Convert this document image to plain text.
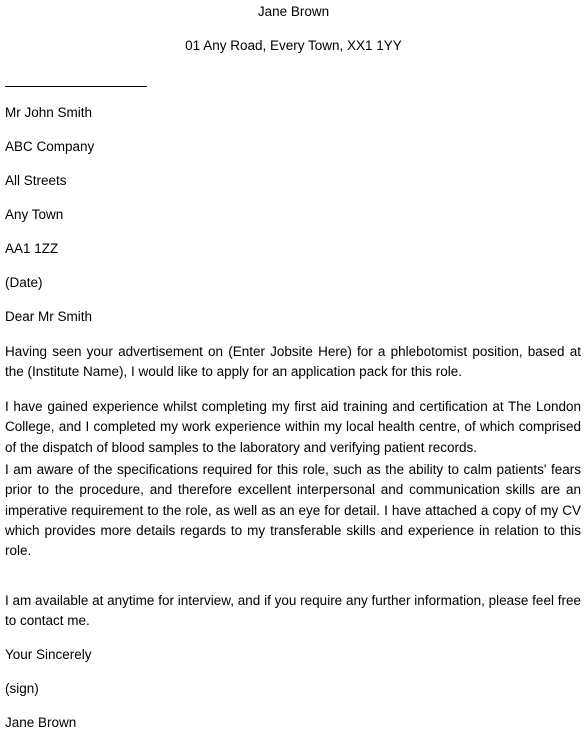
Jane Brown
01 Any Road, Every Town, XX1 1YY
Mr John Smith
ABC Company
All Streets
Any Town
AA1 1ZZ
(Date)
Dear Mr Smith

Having seen your advertisement on (Enter Jobsite Here) for a phlebotomist position, based at the (Institute Name), I would like to apply for an application pack for this role.

I have gained experience whilst completing my first aid training and certification at The London College, and I completed my work experience within my local health centre, of which comprised of the dispatch of blood samples to the laboratory and verifying patient records.

I am aware of the specifications required for this role, such as the ability to calm patients' fears prior to the procedure, and therefore excellent interpersonal and communication skills are an imperative requirement to the role, as well as an eye for detail. I have attached a copy of my CV which provides more details regards to my transferable skills and experience in relation to this role.

I am available at anytime for interview, and if you require any further information, please feel free to contact me.

Your Sincerely
(sign)
Jane Brown
